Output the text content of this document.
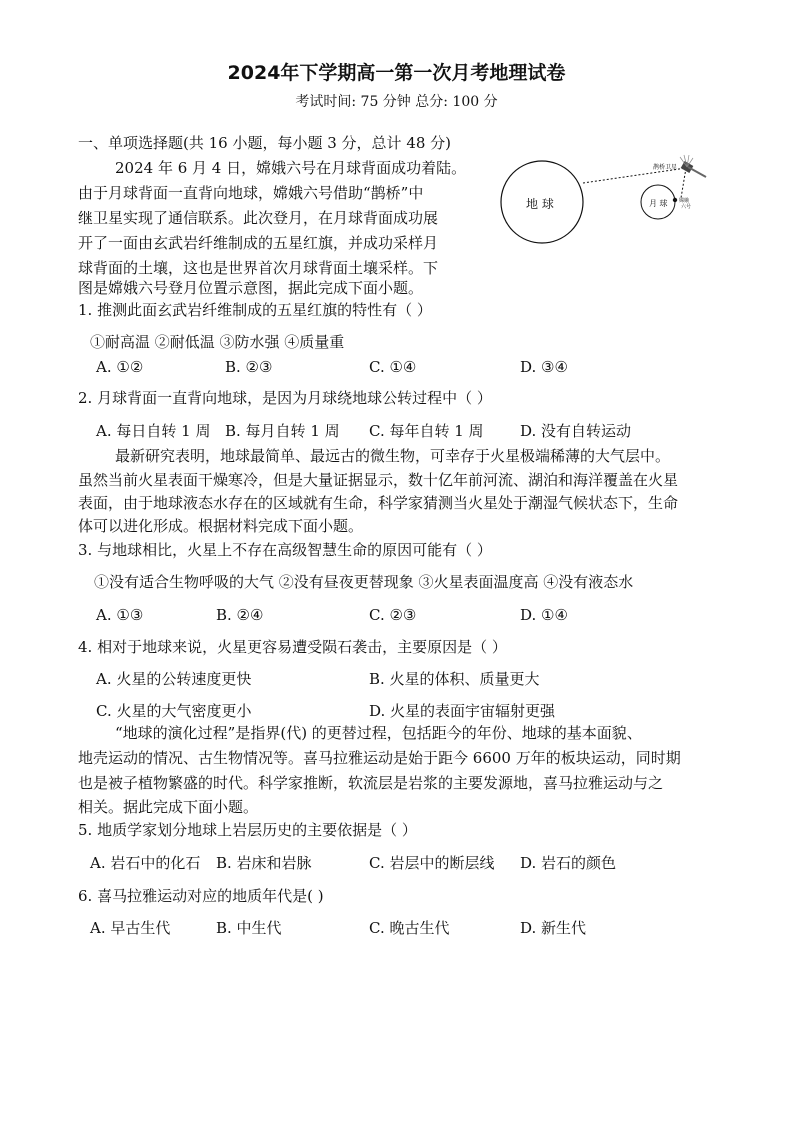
2024年下学期高一第一次月考地理试卷
考试时间: 75 分钟 总分: 100 分
一、单项选择题(共 16 小题，每小题 3 分，总计 48 分)
2024 年 6 月 4 日，嫦娥六号在月球背面成功着陆。
由于月球背面一直背向地球，嫦娥六号借助“鹊桥”中
继卫星实现了通信联系。此次登月，在月球背面成功展
开了一面由玄武岩纤维制成的五星红旗，并成功采样月
球背面的土壤，这也是世界首次月球背面土壤采样。下
图是嫦娥六号登月位置示意图，据此完成下面小题。
地 球	月 球 嫦娥
六号
鹊桥卫星
1. 推测此面玄武岩纤维制成的五星红旗的特性有（ ）
①耐高温 ②耐低温 ③防水强 ④质量重
A. ①②	B. ②③	C. ①④	D. ③④
2. 月球背面一直背向地球，是因为月球绕地球公转过程中（ ）
A. 每日自转 1 周 B. 每月自转 1 周 C. 每年自转 1 周 D. 没有自转运动
最新研究表明，地球最简单、最远古的微生物，可幸存于火星极端稀薄的大气层中。
虽然当前火星表面干燥寒冷，但是大量证据显示，数十亿年前河流、湖泊和海洋覆盖在火星
表面，由于地球液态水存在的区域就有生命，科学家猜测当火星处于潮湿气候状态下，生命
体可以进化形成。根据材料完成下面小题。
3. 与地球相比，火星上不存在高级智慧生命的原因可能有（ ）
①没有适合生物呼吸的大气 ②没有昼夜更替现象 ③火星表面温度高 ④没有液态水
A. ①③	B. ②④	C. ②③	D. ①④
4. 相对于地球来说，火星更容易遭受陨石袭击，主要原因是（ ）
A. 火星的公转速度更快	B. 火星的体积、质量更大
C. 火星的大气密度更小	D. 火星的表面宇宙辐射更强
“地球的演化过程”是指界(代) 的更替过程，包括距今的年份、地球的基本面貌、
地壳运动的情况、古生物情况等。喜马拉雅运动是始于距今 6600 万年的板块运动，同时期
也是被子植物繁盛的时代。科学家推断，软流层是岩浆的主要发源地，喜马拉雅运动与之
相关。据此完成下面小题。
5. 地质学家划分地球上岩层历史的主要依据是（ ）
A. 岩石中的化石 B. 岩床和岩脉	C. 岩层中的断层线 D. 岩石的颜色
6. 喜马拉雅运动对应的地质年代是( )
A. 早古生代	B. 中生代	C. 晚古生代	D. 新生代
